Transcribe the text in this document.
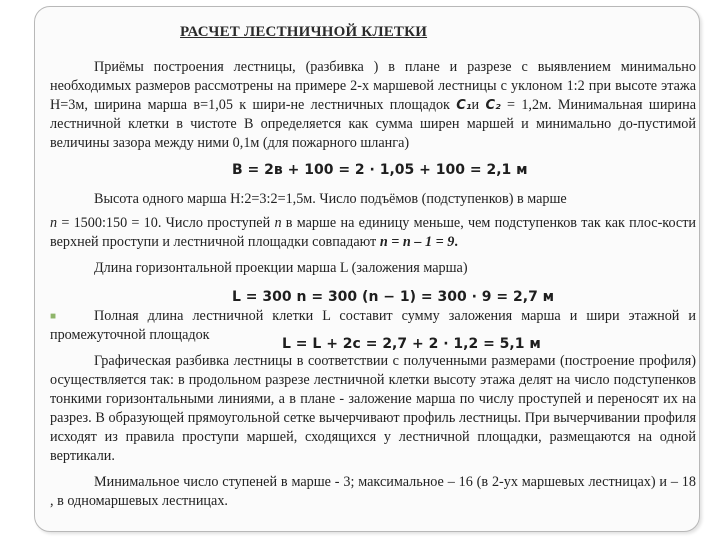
РАСЧЕТ ЛЕСТНИЧНОЙ КЛЕТКИ
Приёмы построения лестницы, (разбивка ) в плане и разрезе с выявлением минимально необходимых размеров рассмотрены на примере 2-х маршевой лестницы с уклоном 1:2 при высоте этажа Н=3м, ширина марша в=1,05 к шири-не лестничных площадок C₁и C₂ = 1,2м. Минимальная ширина лестничной клетки в чистоте В определяется как сумма ширен маршей и минимально до-пустимой величины зазора между ними 0,1м (для пожарного шланга)
B = 2в + 100 = 2 · 1,05 + 100 = 2,1 м
Высота одного марша Н:2=3:2=1,5м. Число подъёмов (подступенков) в марше
n = 1500:150 = 10. Число проступей n в марше на единицу меньше, чем подступенков так как плос-кости верхней проступи и лестничной площадки совпадают n = n – 1 = 9.
Длина горизонтальной проекции марша L (заложения марша)
L = 300 n = 300 (n − 1) = 300 · 9 = 2,7 м
■	Полная длина лестничной клетки L составит сумму заложения марша и шири этажной и промежуточной площадок
L = L + 2c = 2,7 + 2 · 1,2 = 5,1 м
Графическая разбивка лестницы в соответствии с полученными размерами (построение профиля) осуществляется так: в продольном разрезе лестничной клетки высоту этажа делят на число подступенков тонкими горизонтальными линиями, а в плане - заложение марша по числу проступей и переносят их на разрез. В образующей прямоугольной сетке вычерчивают профиль лестницы. При вычерчивании профиля исходят из правила проступи маршей, сходящихся у лестничной площадки, размещаются на одной вертикали.
Минимальное число ступеней в марше - 3; максимальное – 16 (в 2-ух маршевых лестницах) и – 18 , в одномаршевых лестницах.
